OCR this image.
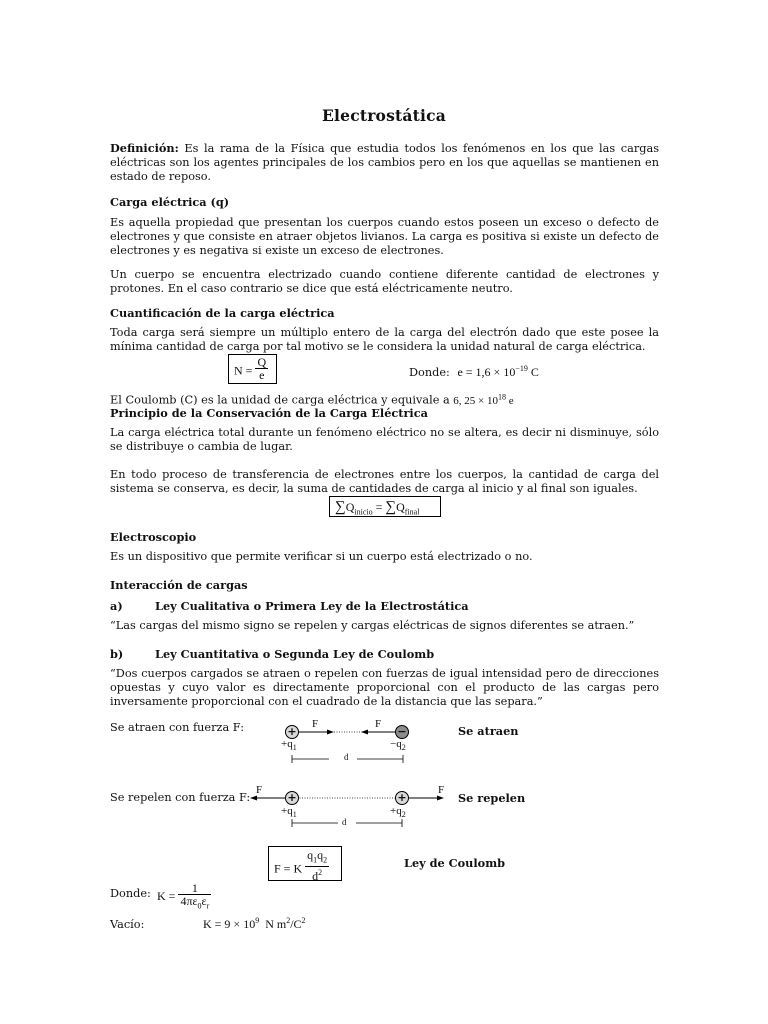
Electrostática

Definición: Es la rama de la Física que estudia todos los fenómenos en los que las cargas eléctricas son los agentes principales de los cambios pero en los que aquellas se mantienen en estado de reposo.

Carga eléctrica (q)

Es aquella propiedad que presentan los cuerpos cuando estos poseen un exceso o defecto de electrones y que consiste en atraer objetos livianos. La carga es positiva si existe un defecto de electrones y es negativa si existe un exceso de electrones.

Un cuerpo se encuentra electrizado cuando contiene diferente cantidad de electrones y protones. En el caso contrario se dice que está eléctricamente neutro.

Cuantificación de la carga eléctrica

Toda carga será siempre un múltiplo entero de la carga del electrón dado que este posee la mínima cantidad de carga por tal motivo se le considera la unidad natural de carga eléctrica.

$N = \frac{Q}{e}$	Donde: $e = 1,6 \times 10^{-19}$ C

El Coulomb (C) es la unidad de carga eléctrica y equivale a 6, $25 \times 10^{18}$ e

Principio de la Conservación de la Carga Eléctrica

La carga eléctrica total durante un fenómeno eléctrico no se altera, es decir ni disminuye, sólo se distribuye o cambia de lugar.

En todo proceso de transferencia de electrones entre los cuerpos, la cantidad de carga del sistema se conserva, es decir, la suma de cantidades de carga al inicio y al final son iguales.

$\sum Q_{inicio} = \sum Q_{final}$
Electroscopio

Es un dispositivo que permite verificar si un cuerpo está electrizado o no.

Interacción de cargas
a)	Ley Cualitativa o Primera Ley de la Electrostática

“Las cargas del mismo signo se repelen y cargas eléctricas de signos diferentes se atraen.”

b)	Ley Cuantitativa o Segunda Ley de Coulomb

“Dos cuerpos cargados se atraen o repelen con fuerzas de igual intensidad pero de direcciones opuestas y cuyo valor es directamente proporcional con el producto de las cargas pero inversamente proporcional con el cuadrado de la distancia que las separa.”

Se atraen con fuerza F:	Se atraen
+	−
F	F
$+q_1$	$-q_2$
d
Se repelen con fuerza F:	Se repelen
+	+
F	F
$+q_1$	$+q_2$
d
F = K $\frac{q_1q_2}{d^2}$	Ley de Coulomb
Donde: $K = \frac{1}{4\pi\varepsilon_0\varepsilon_r}$
Vacío:	$K = 9 \times 10^9$ N $m^2/C^2$
